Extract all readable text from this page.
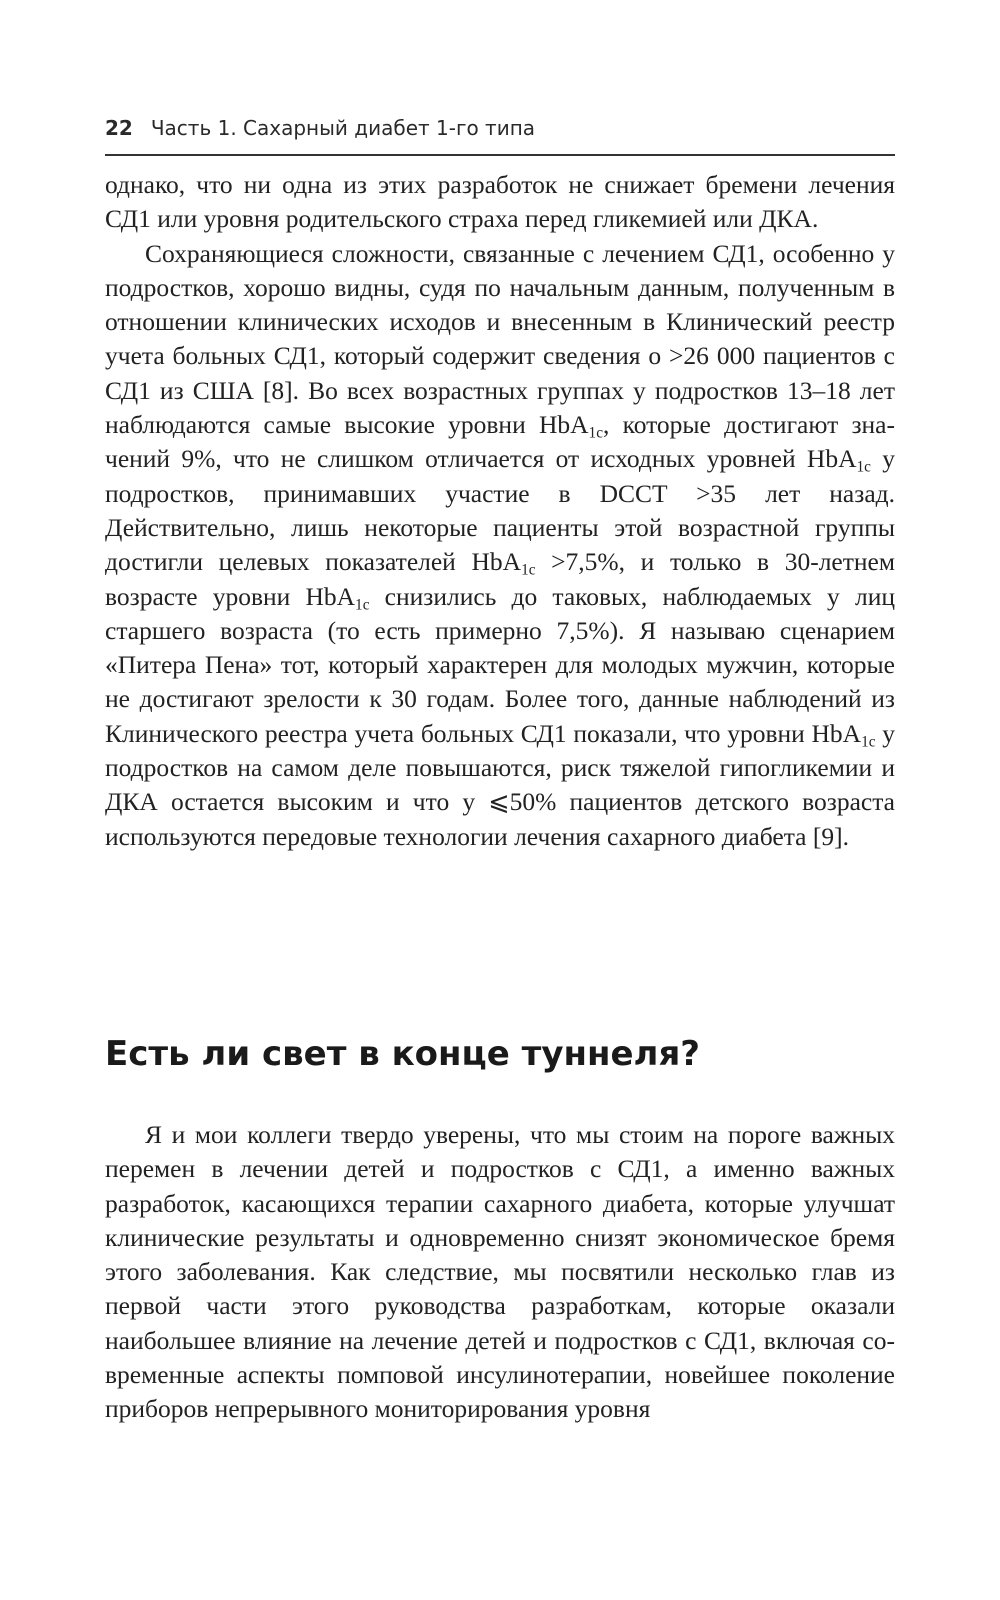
22 Часть 1. Сахарный диабет 1-го типа

однако, что ни одна из этих разработок не снижает бремени лечения СД1 или уровня родительского страха перед гликемией или ДКА.

Сохраняющиеся сложности, связанные с лечением СД1, особенно у подростков, хорошо видны, судя по начальным данным, полученным в отношении клинических исходов и внесенным в Клинический реестр учета больных СД1, который содержит сведения о >26 000 пациентов с СД1 из США [8]. Во всех возрастных группах у подростков 13–18 лет наблюдаются самые высокие уровни HbA$_{1c}$, которые достигают значений 9%, что не слишком отличается от исходных уровней HbA$_{1c}$ у подростков, принимавших участие в DCCT >35 лет назад. Действительно, лишь некоторые пациенты этой возрастной группы достигли целевых показателей HbA$_{1c}$ >7,5%, и только в 30-летнем возрасте уровни HbA$_{1c}$ снизились до таковых, наблюдаемых у лиц старшего возраста (то есть примерно 7,5%). Я называю сценарием «Питера Пена» тот, который характерен для молодых мужчин, которые не достигают зрелости к 30 годам. Более того, данные наблюдений из Клинического реестра учета больных СД1 показали, что уровни HbA$_{1c}$ у подростков на самом деле повышаются, риск тяжелой гипогликемии и ДКА остается высоким и что у ⩽50% пациентов детского возраста используются передовые технологии лечения сахарного диабета [9].

Есть ли свет в конце туннеля?

Я и мои коллеги твердо уверены, что мы стоим на пороге важных перемен в лечении детей и подростков с СД1, а именно важных разработок, касающихся терапии сахарного диабета, которые улучшат клинические результаты и одновременно снизят экономическое бремя этого заболевания. Как следствие, мы посвятили несколько глав из первой части этого руководства разработкам, которые оказали наибольшее влияние на лечение детей и подростков с СД1, включая современные аспекты помповой инсулинотерапии, новейшее поколение приборов непрерывного мониторирования уровня
